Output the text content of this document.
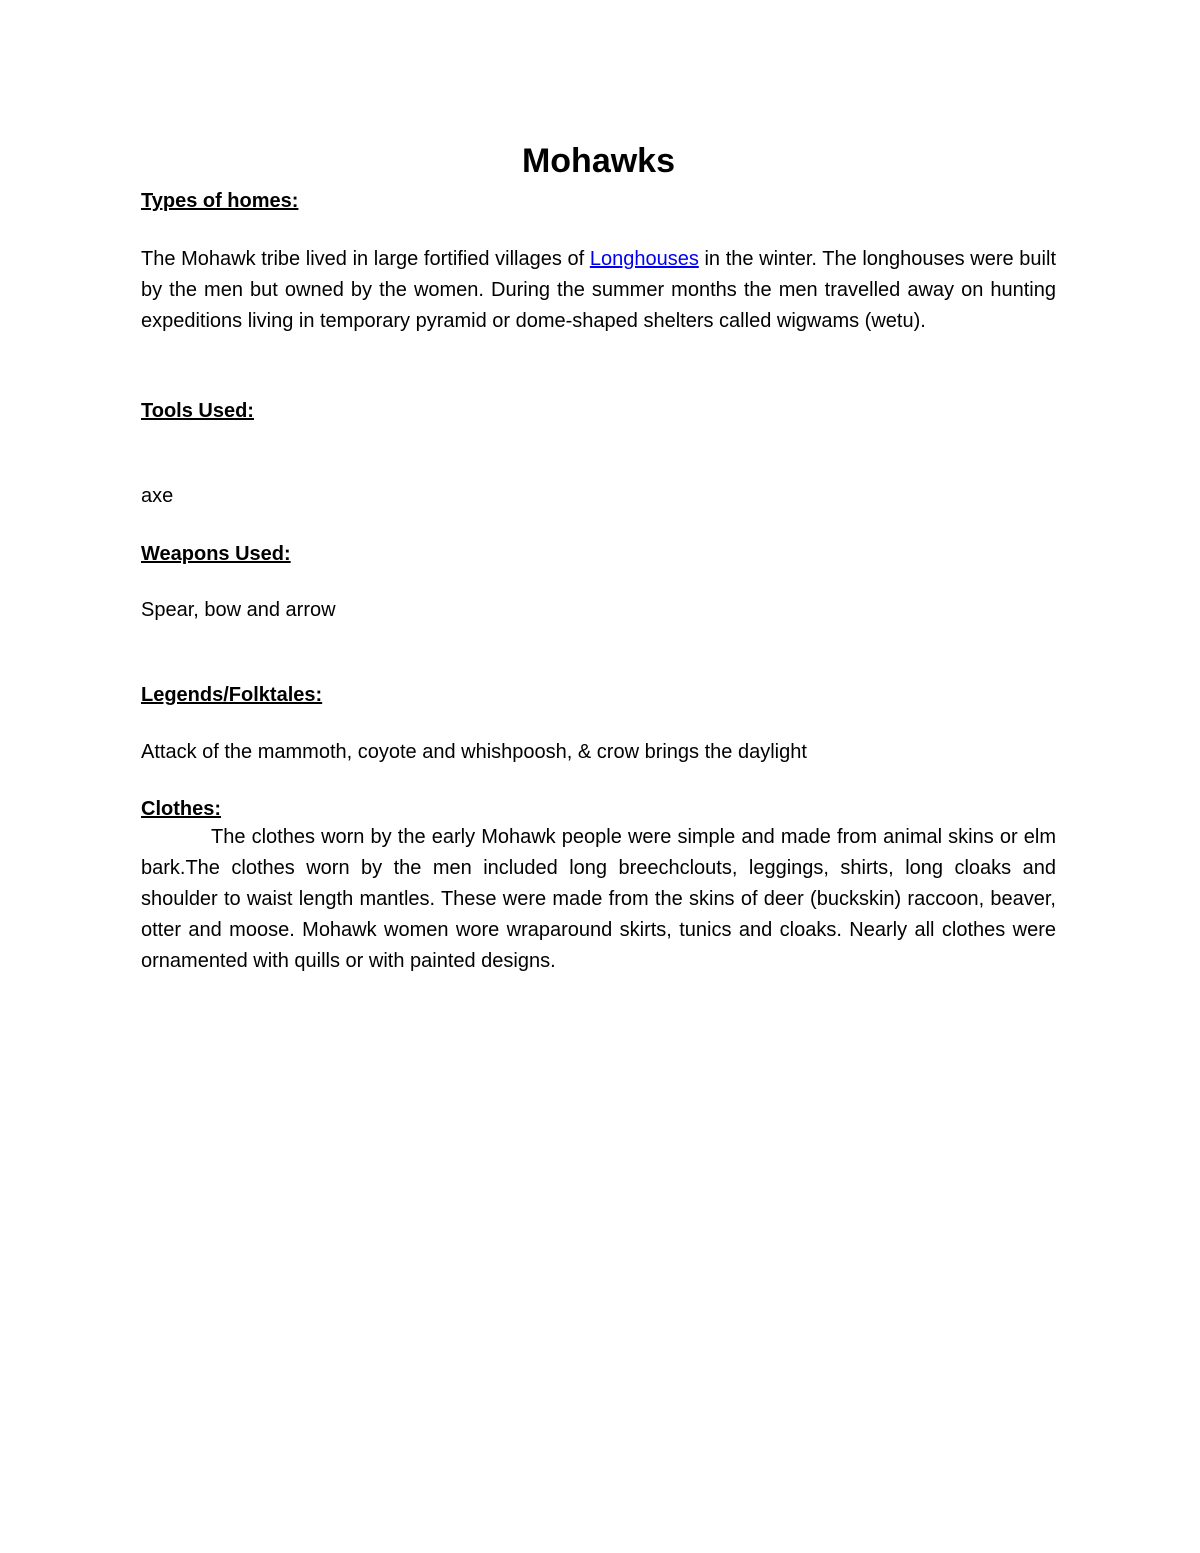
Mohawks
Types of homes:
The Mohawk tribe lived in large fortified villages of Longhouses in the winter. The longhouses were built by the men but owned by the women. During the summer months the men travelled away on hunting expeditions living in temporary pyramid or dome-shaped shelters called wigwams (wetu).
Tools Used:
axe
Weapons Used:
Spear, bow and arrow
Legends/Folktales:
Attack of the mammoth, coyote and whishpoosh, & crow brings the daylight
Clothes:
The clothes worn by the early Mohawk people were simple and made from animal skins or elm bark.The clothes worn by the men included long breechclouts, leggings, shirts, long cloaks and shoulder to waist length mantles. These were made from the skins of deer (buckskin) raccoon, beaver, otter and moose. Mohawk women wore wraparound skirts, tunics and cloaks. Nearly all clothes were ornamented with quills or with painted designs.
